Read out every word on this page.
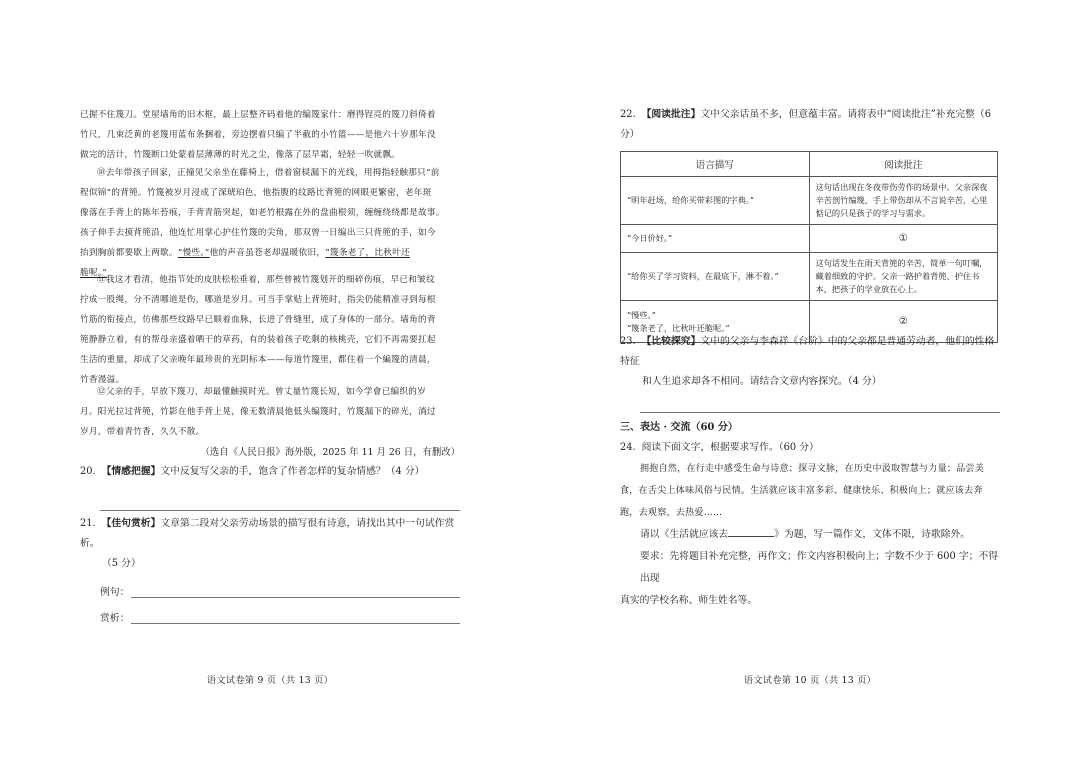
已握不住篾刀。堂屋墙角的旧木框，最上层整齐码着他的编篾家什：磨得锃亮的篾刀斜倚着

竹尺，几束泛黄的老篾用蓝布条捆着，旁边摆着只编了半截的小竹篮——是他六十岁那年没

做完的活计，竹篾断口处蒙着层薄薄的时光之尘，像落了层早霜，轻轻一吹就飘。

⑩去年带孩子回家，正撞见父亲坐在藤椅上，借着窗棂漏下的光线，用拇指轻触那只“前

程似锦”的背篼。竹篾被岁月浸成了深琥珀色，他指腹的纹路比背篼的网眼更繁密，老年斑

像落在手背上的陈年苔痕，手背青筋突起，如老竹根露在外的盘曲根须，缠缠绕绕都是故事。

孩子伸手去摸背篼沿，他连忙用掌心护住竹篾的尖角，那双曾一日编出三只背篼的手，如今

抬到胸前都要歇上两歇。“慢些。”他的声音虽苍老却温暖依旧，“篾条老了，比秋叶还

脆呢。”

⑪我这才看清，他指节处的皮肤松松垂着，那些曾被竹篾划开的细碎伤痕，早已和皱纹

拧成一股绳，分不清哪道是伤，哪道是岁月。可当手掌贴上背篼时，指尖仍能精准寻到每根

竹筋的衔接点，仿佛那些纹路早已顺着血脉，长进了骨缝里，成了身体的一部分。墙角的背

篼静静立着，有的帮母亲盛着晒干的草药，有的装着孩子吃剩的核桃壳，它们不再需要扛起

生活的重量，却成了父亲晚年最珍贵的光阴标本——每道竹篾里，都住着一个編篾的清晨，

竹香漫溢。

⑫父亲的手，早放下篾刀，却最懂触摸时光。曾丈量竹篾长短，如今学會已编织的岁

月。阳光拉过背篼，竹影在他手背上晃，像无数清晨他低头编篾时，竹篾漏下的碎光，淌过

岁月，带着青竹香，久久不散。

（选自《人民日报》海外版，2025 年 11 月 26 日，有删改）

20. 【情感把握】文中反复写父亲的手，饱含了作者怎样的复杂情感？（4 分）

21. 【佳句赏析】文章第二段对父亲劳动场景的描写很有诗意，请找出其中一句试作赏析。

（5 分）

例句：
赏析：
语文试卷第 9 页（共 13 页）

22. 【阅读批注】文中父亲话虽不多，但意蕴丰富。请将表中“阅读批注”补充完整（6 分）

语言描写	阅读批注
“明年赶场，给你买带彩图的字典。”	这句话出现在冬夜带伤劳作的场景中。父亲深夜辛苦剖竹编篾，手上带伤却从不言说辛苦，心里惦记的只是孩子的学习与需求。
“今日价好。”	①
“给你买了学习资料，在最底下，淋不着。”	这句话发生在雨天背篼的辛苦，简单一句叮嘱，藏着细致的守护。父亲一路护着背篼、护住书本，把孩子的学业放在心上。
“慢些。”
“篾条老了，比秋叶还脆呢。”	②

23. 【比较探究】文中的父亲与李森祥《台阶》中的父亲都是普通劳动者，他们的性格特征

和人生追求却各不相同。请结合文章内容探究。（4 分）

三、表达 · 交流（60 分）

24. 阅读下面文字，根据要求写作。（60 分）

拥抱自然，在行走中感受生命与诗意；探寻文脉，在历史中汲取智慧与力量；品尝美

食，在舌尖上体味风俗与民情。生活就应该丰富多彩、健康快乐、积极向上；就应该去奔

跑，去观察，去热爱……

请以《生活就应该去	》为题，写一篇作文，文体不限，诗歌除外。

要求：先将题目补充完整，再作文；作文内容积极向上；字数不少于 600 字；不得出现

真实的学校名称、师生姓名等。

语文试卷第 10 页（共 13 页）
